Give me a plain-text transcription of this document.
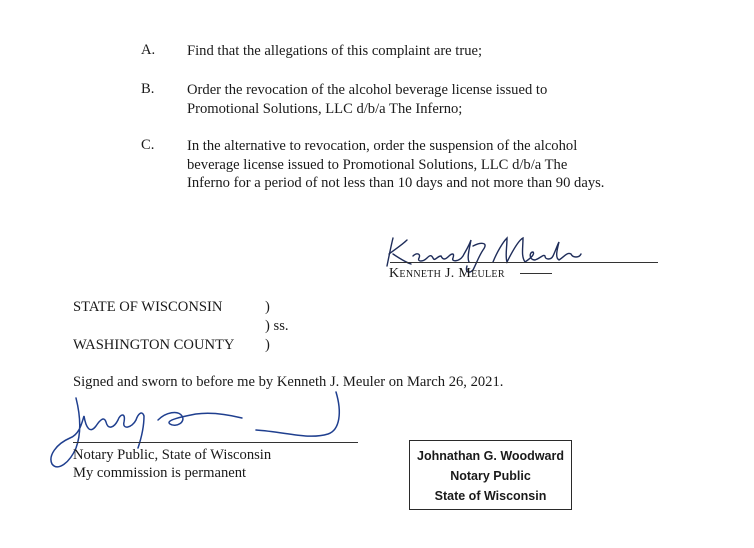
A. Find that the allegations of this complaint are true;
B. Order the revocation of the alcohol beverage license issued to
Promotional Solutions, LLC d/b/a The Inferno;
C. In the alternative to revocation, order the suspension of the alcohol
beverage license issued to Promotional Solutions, LLC d/b/a The
Inferno for a period of not less than 10 days and not more than 90 days.
Kenneth J. Meuler
STATE OF WISCONSIN	)
) ss.
WASHINGTON COUNTY )
Signed and sworn to before me by Kenneth J. Meuler on March 26, 2021.
Notary Public, State of Wisconsin
My commission is permanent
Johnathan G. Woodward
Notary Public
State of Wisconsin
